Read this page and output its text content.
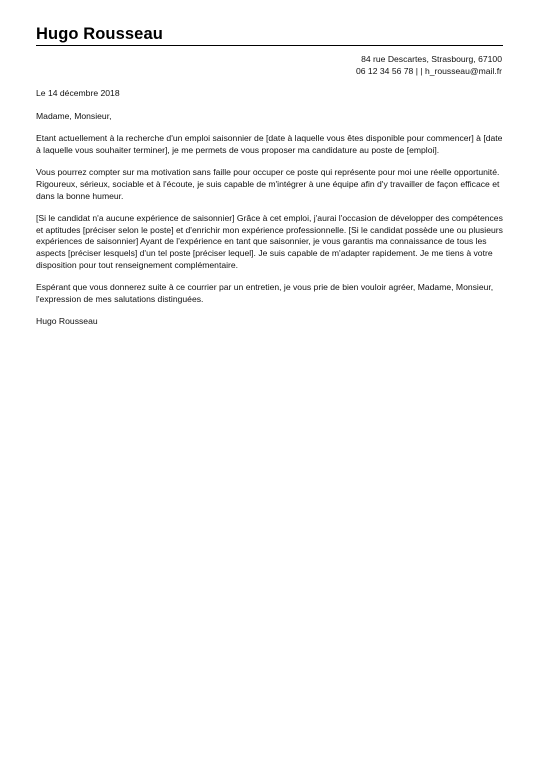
Hugo Rousseau
84 rue Descartes, Strasbourg, 67100
06 12 34 56 78 | | h_rousseau@mail.fr

Le 14 décembre 2018

Madame, Monsieur,

Etant actuellement à la recherche d'un emploi saisonnier de [date à laquelle vous êtes disponible pour commencer] à [date à laquelle vous souhaiter terminer], je me permets de vous proposer ma candidature au poste de [emploi].

Vous pourrez compter sur ma motivation sans faille pour occuper ce poste qui représente pour moi une réelle opportunité. Rigoureux, sérieux, sociable et à l'écoute, je suis capable de m'intégrer à une équipe afin d'y travailler de façon efficace et dans la bonne humeur.

[Si le candidat n'a aucune expérience de saisonnier] Grâce à cet emploi, j'aurai l'occasion de développer des compétences et aptitudes [préciser selon le poste] et d'enrichir mon expérience professionnelle. [Si le candidat possède une ou plusieurs expériences de saisonnier] Ayant de l'expérience en tant que saisonnier, je vous garantis ma connaissance de tous les aspects [préciser lesquels] d'un tel poste [préciser lequel]. Je suis capable de m'adapter rapidement. Je me tiens à votre disposition pour tout renseignement complémentaire.

Espérant que vous donnerez suite à ce courrier par un entretien, je vous prie de bien vouloir agréer, Madame, Monsieur, l'expression de mes salutations distinguées.

Hugo Rousseau
